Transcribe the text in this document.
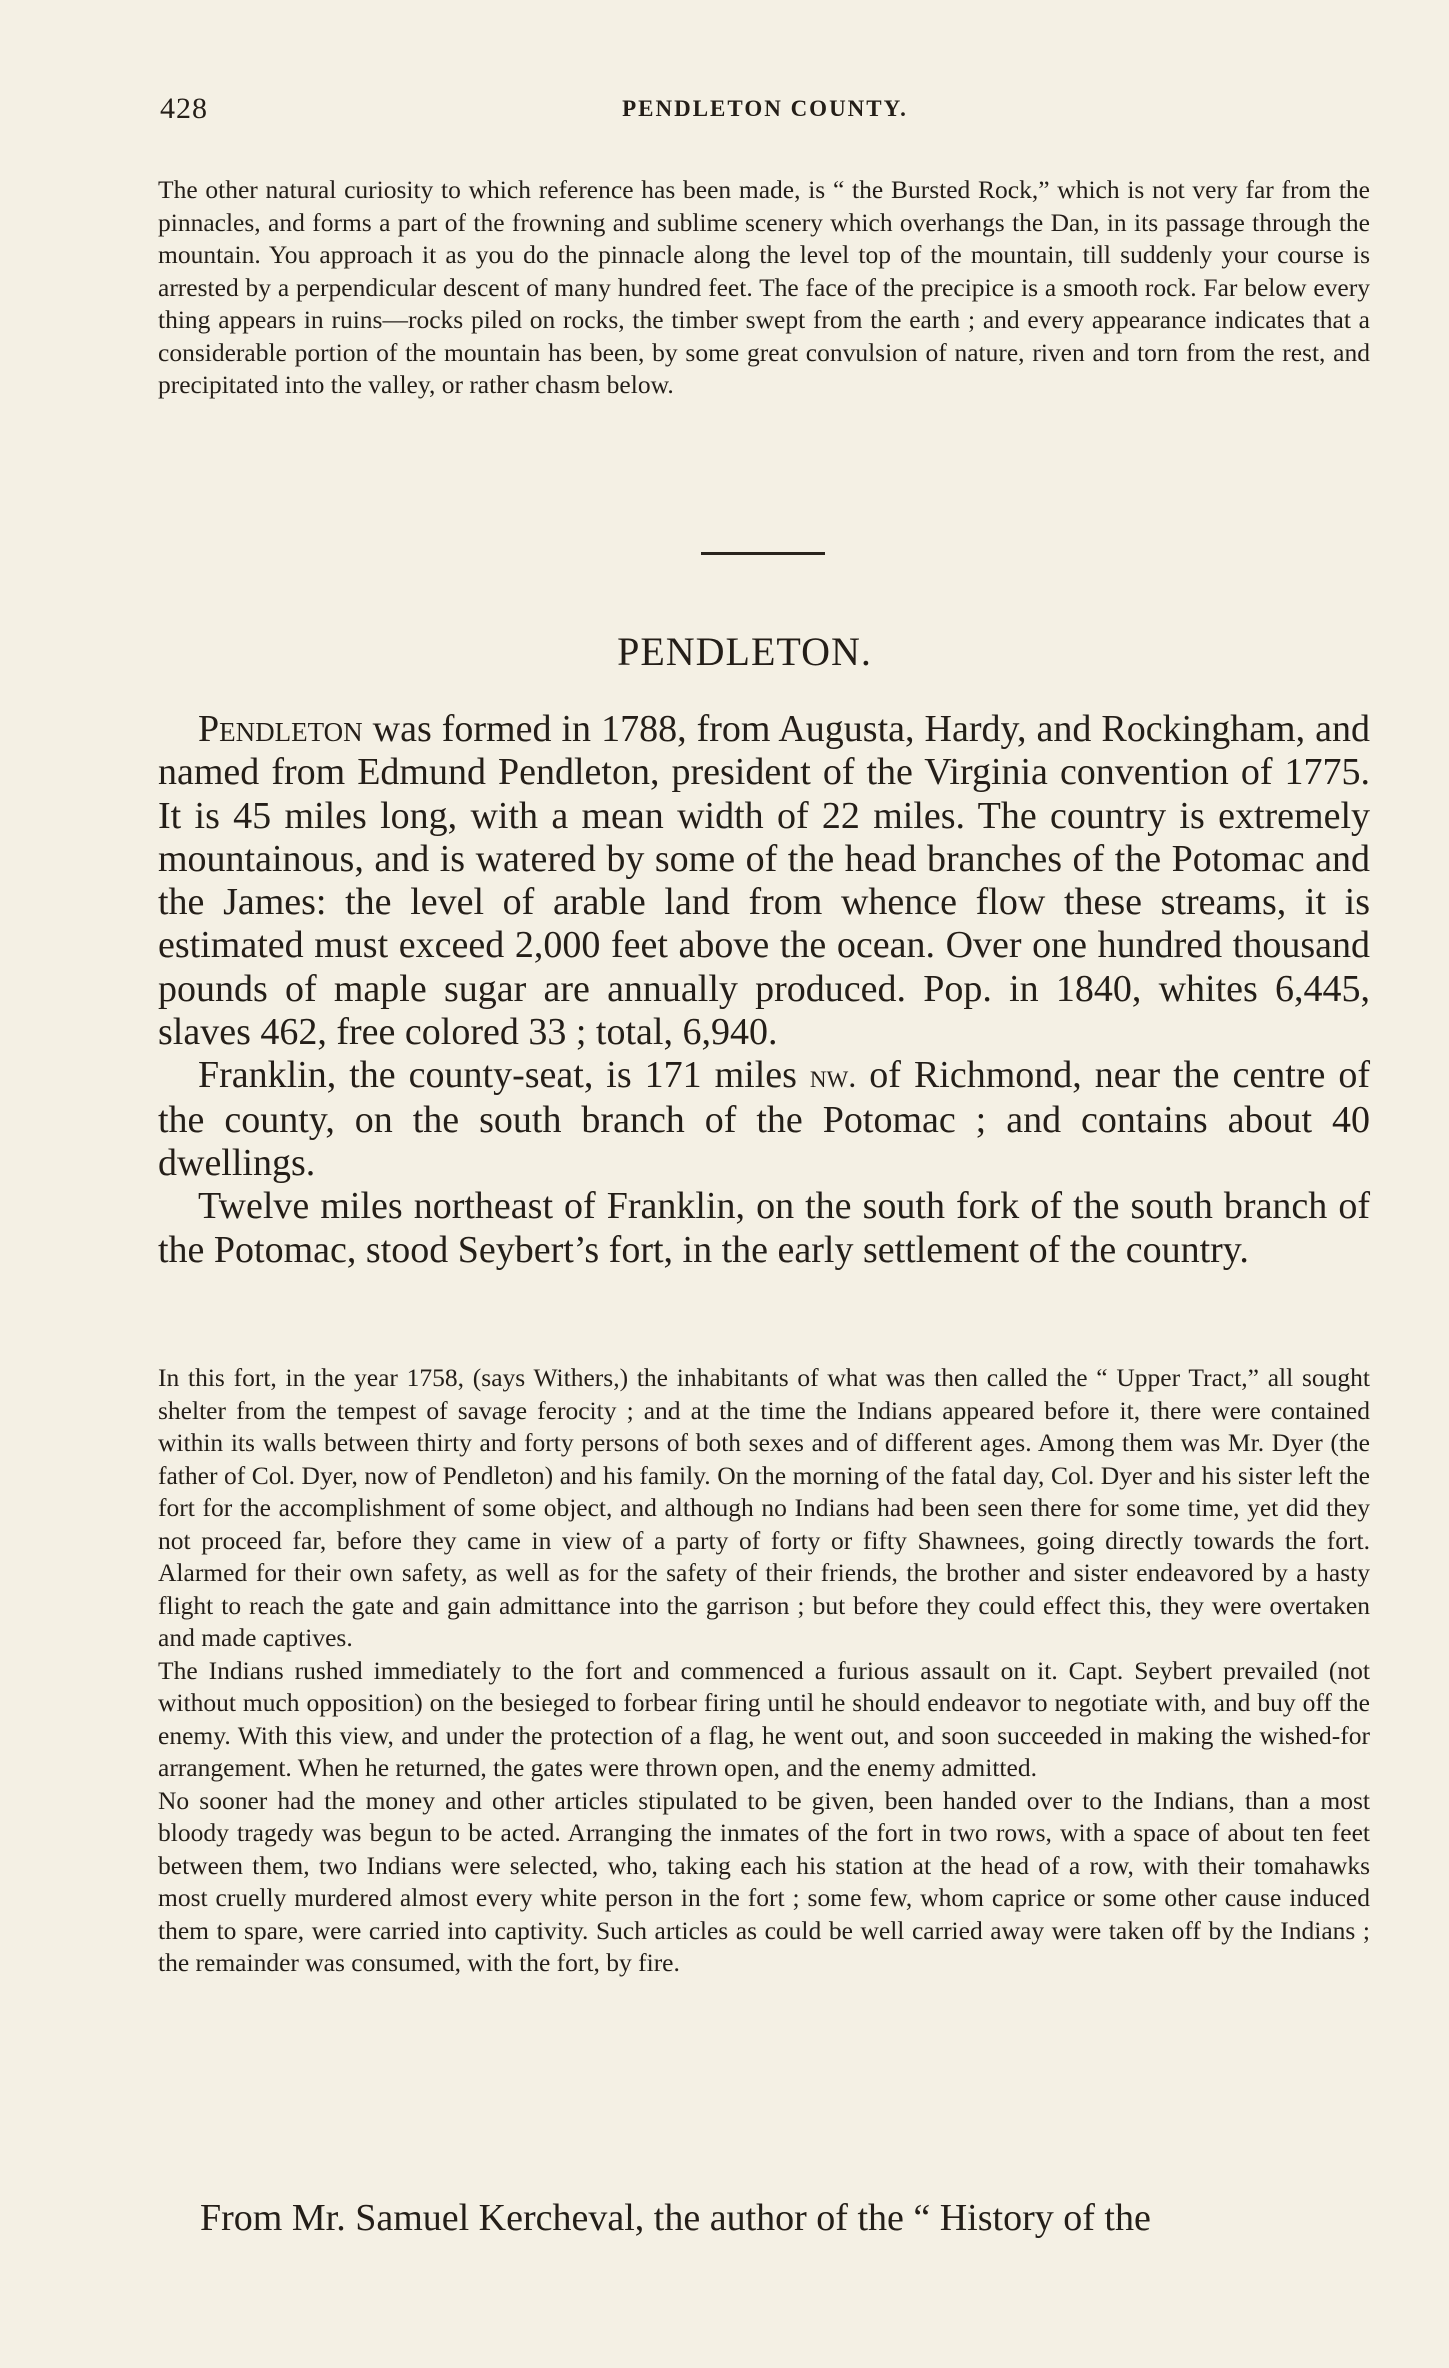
428	PENDLETON COUNTY.

The other natural curiosity to which reference has been made, is “ the Bursted Rock,” which is not very far from the pinnacles, and forms a part of the frowning and sublime scenery which overhangs the Dan, in its passage through the mountain. You approach it as you do the pinnacle along the level top of the mountain, till suddenly your course is arrested by a perpendicular descent of many hundred feet. The face of the precipice is a smooth rock. Far below every thing appears in ruins—rocks piled on rocks, the timber swept from the earth ; and every appearance indicates that a considerable portion of the mountain has been, by some great convulsion of nature, riven and torn from the rest, and precipitated into the valley, or rather chasm below.

PENDLETON.

Pendleton was formed in 1788, from Augusta, Hardy, and Rockingham, and named from Edmund Pendleton, president of the Virginia convention of 1775. It is 45 miles long, with a mean width of 22 miles. The country is extremely mountainous, and is watered by some of the head branches of the Potomac and the James: the level of arable land from whence flow these streams, it is estimated must exceed 2,000 feet above the ocean. Over one hundred thousand pounds of maple sugar are annually produced. Pop. in 1840, whites 6,445, slaves 462, free colored 33 ; total, 6,940.

Franklin, the county-seat, is 171 miles nw. of Richmond, near the centre of the county, on the south branch of the Potomac ; and contains about 40 dwellings.

Twelve miles northeast of Franklin, on the south fork of the south branch of the Potomac, stood Seybert’s fort, in the early settlement of the country.

In this fort, in the year 1758, (says Withers,) the inhabitants of what was then called the “ Upper Tract,” all sought shelter from the tempest of savage ferocity ; and at the time the Indians appeared before it, there were contained within its walls between thirty and forty persons of both sexes and of different ages. Among them was Mr. Dyer (the father of Col. Dyer, now of Pendleton) and his family. On the morning of the fatal day, Col. Dyer and his sister left the fort for the accomplishment of some object, and although no Indians had been seen there for some time, yet did they not proceed far, before they came in view of a party of forty or fifty Shawnees, going directly towards the fort. Alarmed for their own safety, as well as for the safety of their friends, the brother and sister endeavored by a hasty flight to reach the gate and gain admittance into the garrison ; but before they could effect this, they were overtaken and made captives.

The Indians rushed immediately to the fort and commenced a furious assault on it. Capt. Seybert prevailed (not without much opposition) on the besieged to forbear firing until he should endeavor to negotiate with, and buy off the enemy. With this view, and under the protection of a flag, he went out, and soon succeeded in making the wished-for arrangement. When he returned, the gates were thrown open, and the enemy admitted.

No sooner had the money and other articles stipulated to be given, been handed over to the Indians, than a most bloody tragedy was begun to be acted. Arranging the inmates of the fort in two rows, with a space of about ten feet between them, two Indians were selected, who, taking each his station at the head of a row, with their tomahawks most cruelly murdered almost every white person in the fort ; some few, whom caprice or some other cause induced them to spare, were carried into captivity. Such articles as could be well carried away were taken off by the Indians ; the remainder was consumed, with the fort, by fire.

From Mr. Samuel Kercheval, the author of the “ History of the
